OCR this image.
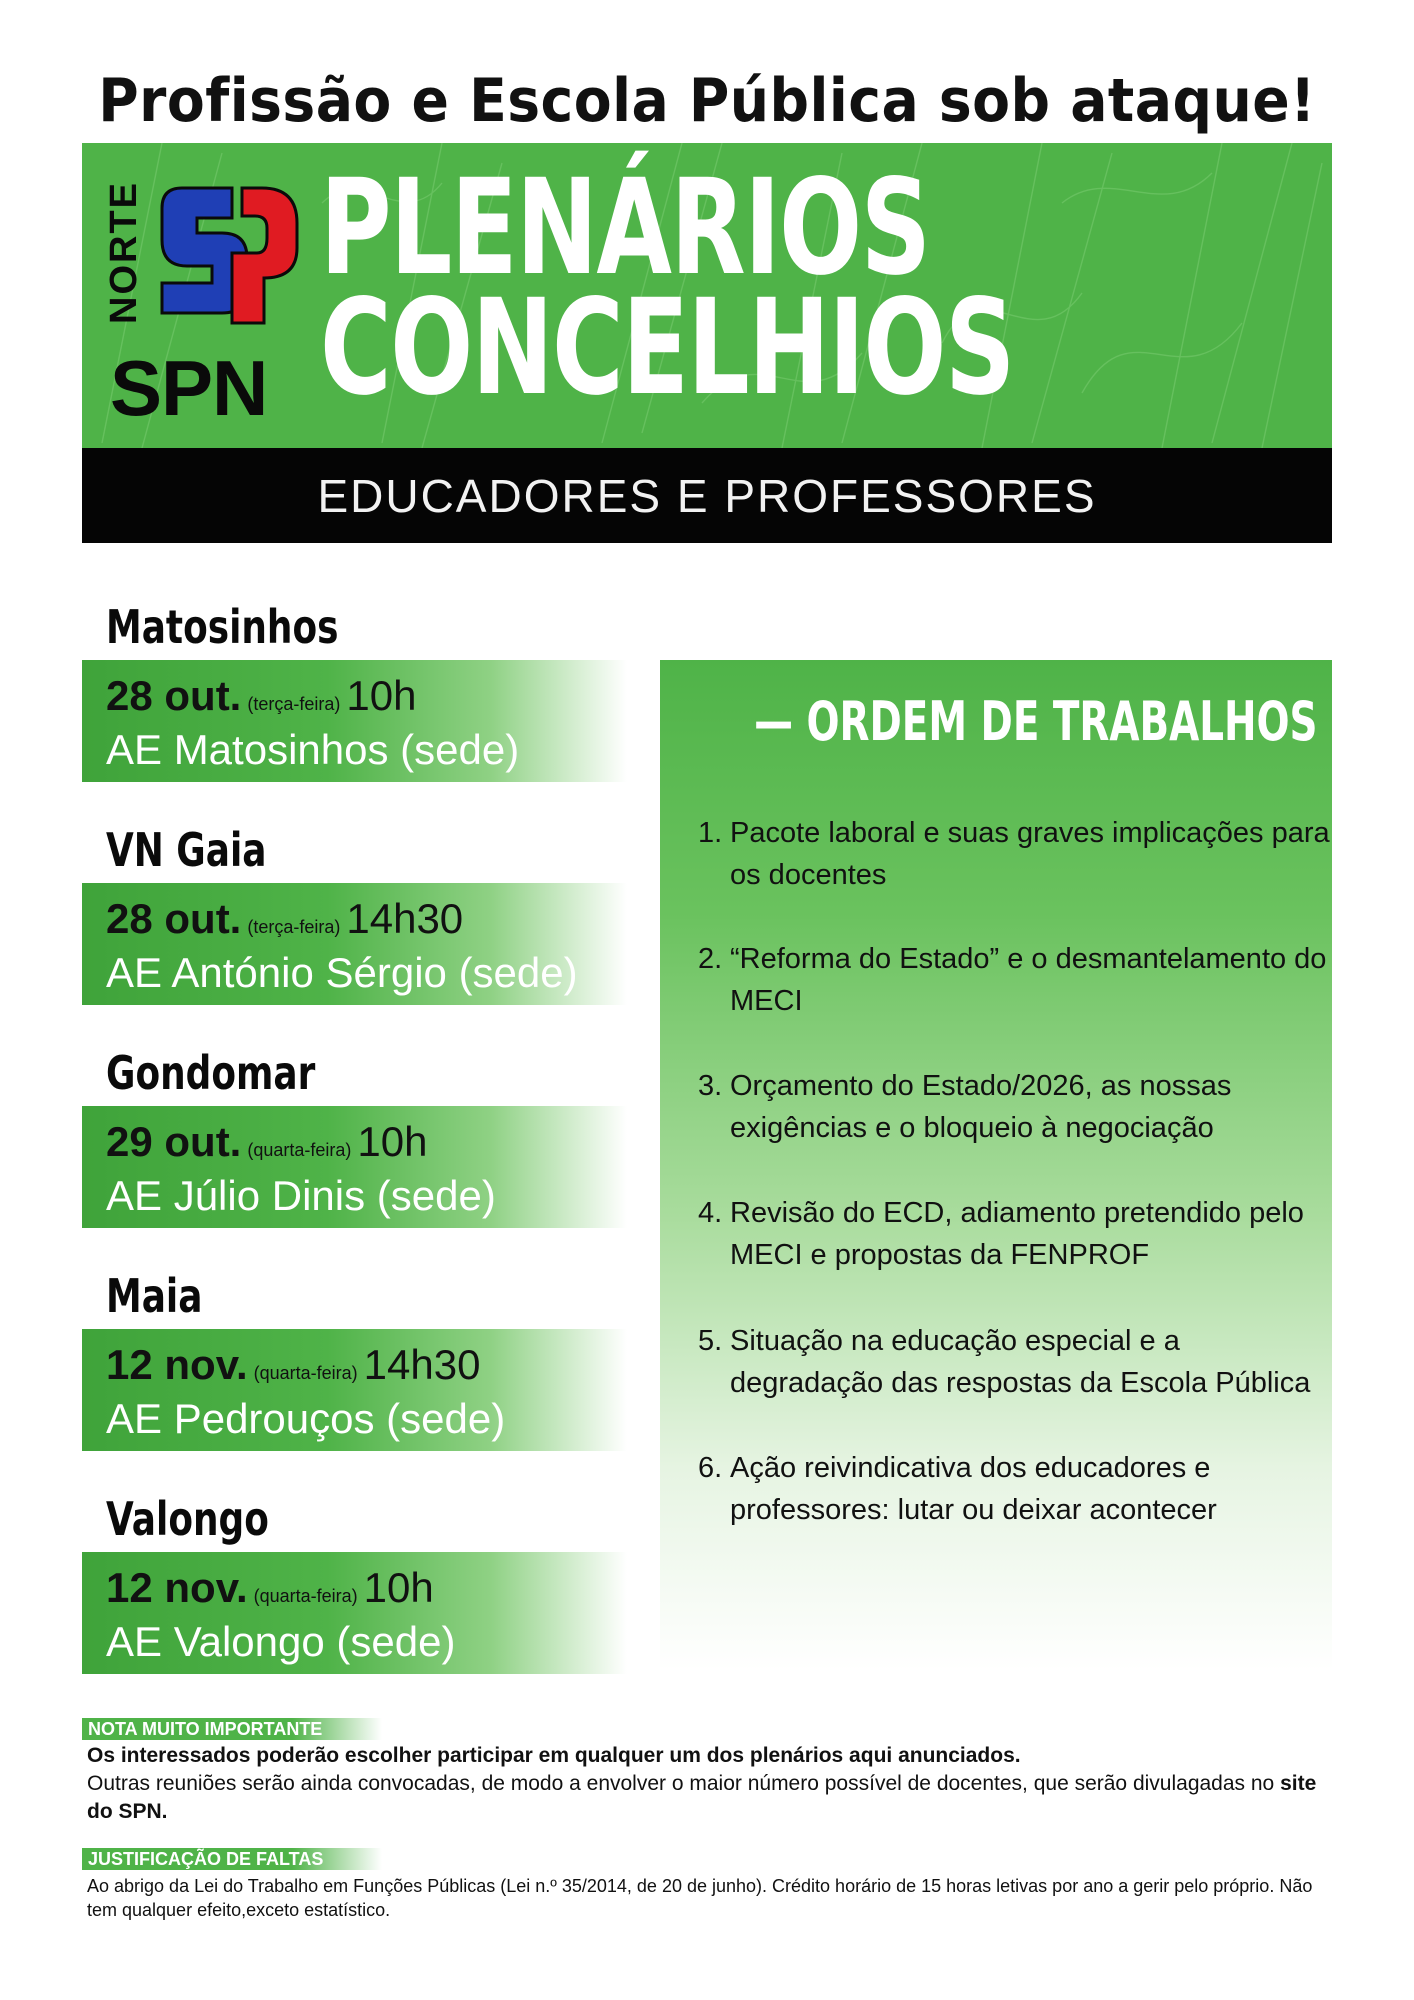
Profissão e Escola Pública sob ataque!
NORTE
SPN
PLENÁRIOS
CONCELHIOS
EDUCADORES E PROFESSORES
Matosinhos
28 out. (terça-feira) 10h
AE Matosinhos (sede)
VN Gaia
28 out. (terça-feira) 14h30
AE António Sérgio (sede)
Gondomar
29 out. (quarta-feira) 10h
AE Júlio Dinis (sede)
Maia
12 nov. (quarta-feira) 14h30
AE Pedrouços (sede)
Valongo
12 nov. (quarta-feira) 10h
AE Valongo (sede)
— ORDEM DE TRABALHOS —
1. Pacote laboral e suas graves implicações para os docentes
2. “Reforma do Estado” e o desmantelamento do MECI
3. Orçamento do Estado/2026, as nossas exigências e o bloqueio à negociação
4. Revisão do ECD, adiamento pretendido pelo MECI e propostas da FENPROF
5. Situação na educação especial e a degradação das respostas da Escola Pública
6. Ação reivindicativa dos educadores e professores: lutar ou deixar acontecer
NOTA MUITO IMPORTANTE
Os interessados poderão escolher participar em qualquer um dos plenários aqui anunciados.
Outras reuniões serão ainda convocadas, de modo a envolver o maior número possível de docentes, que serão divulagadas no site do SPN.
JUSTIFICAÇÃO DE FALTAS
Ao abrigo da Lei do Trabalho em Funções Públicas (Lei n.º 35/2014, de 20 de junho). Crédito horário de 15 horas letivas por ano a gerir pelo próprio. Não tem qualquer efeito,exceto estatístico.
